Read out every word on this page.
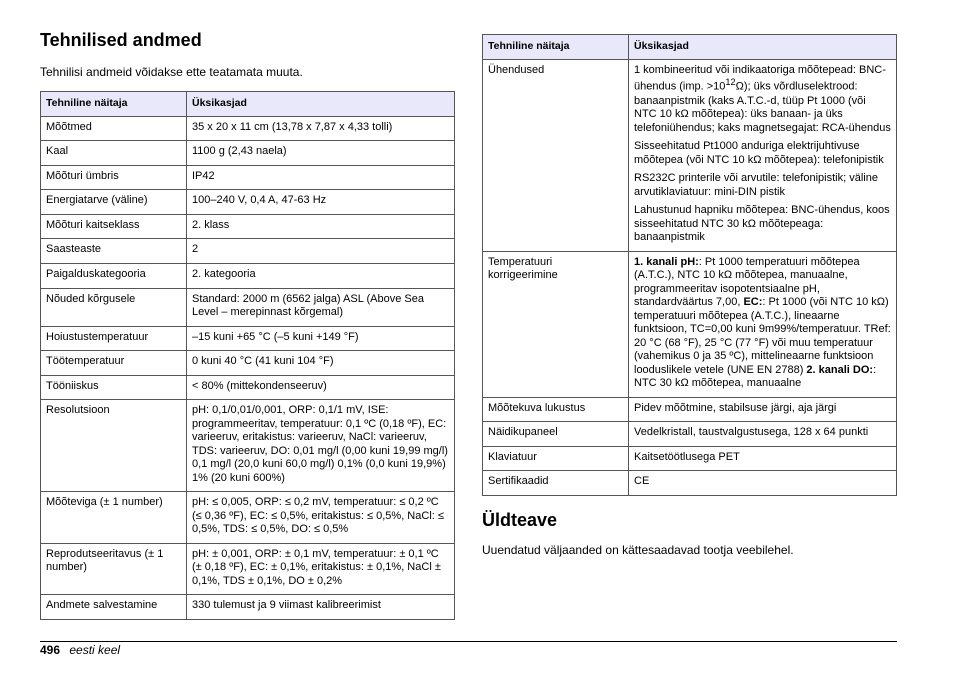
Tehnilised andmed
Tehnilisi andmeid võidakse ette teatamata muuta.
Tehniline näitaja	Üksikasjad
Mõõtmed	35 x 20 x 11 cm (13,78 x 7,87 x 4,33 tolli)
Kaal	1100 g (2,43 naela)
Mõõturi ümbris	IP42
Energiatarve (väline)	100–240 V, 0,4 A, 47-63 Hz
Mõõturi kaitseklass	2. klass
Saasteaste	2
Paigalduskategooria	2. kategooria
Nõuded kõrgusele	Standard: 2000 m (6562 jalga) ASL (Above Sea Level – merepinnast kõrgemal)
Hoiustustemperatuur	–15 kuni +65 °C (–5 kuni +149 °F)
Töötemperatuur	0 kuni 40 °C (41 kuni 104 °F)
Tööniiskus	< 80% (mittekondenseeruv)
Resolutsioon	pH: 0,1/0,01/0,001, ORP: 0,1/1 mV, ISE: programmeeritav, temperatuur: 0,1 ºC (0,18 ºF), EC: varieeruv, eritakistus: varieeruv, NaCl: varieeruv, TDS: varieeruv, DO: 0,01 mg/l (0,00 kuni 19,99 mg/l) 0,1 mg/l (20,0 kuni 60,0 mg/l) 0,1% (0,0 kuni 19,9%) 1% (20 kuni 600%)
Mõõteviga (± 1 number)	pH: ≤ 0,005, ORP: ≤ 0,2 mV, temperatuur: ≤ 0,2 ºC (≤ 0,36 ºF), EC: ≤ 0,5%, eritakistus: ≤ 0,5%, NaCl: ≤ 0,5%, TDS: ≤ 0,5%, DO: ≤ 0,5%
Reprodutseeritavus (± 1 number)	pH: ± 0,001, ORP: ± 0,1 mV, temperatuur: ± 0,1 ºC (± 0,18 ºF), EC: ± 0,1%, eritakistus: ± 0,1%, NaCl ± 0,1%, TDS ± 0,1%, DO ± 0,2%
Andmete salvestamine	330 tulemust ja 9 viimast kalibreerimist
Tehniline näitaja	Üksikasjad
Ühendused	1 kombineeritud või indikaatoriga mõõtepead: BNC-ühendus (imp. $>10^{12}\Omega$); üks võrdluselektrood: banaanpistmik (kaks A.T.C.-d, tüüp Pt 1000 (või NTC 10 kΩ mõõtepea): üks banaan- ja üks telefoniühendus; kaks magnetsegajat: RCA-ühendus

Sisseehitatud Pt1000 anduriga elektrijuhtivuse mõõtepea (või NTC 10 kΩ mõõtepea): telefonipistik

RS232C printerile või arvutile: telefonipistik; väline arvutiklaviatuur: mini-DIN pistik

Lahustunud hapniku mõõtepea: BNC-ühendus, koos sisseehitatud NTC 30 kΩ mõõtepeaga: banaanpistmik

Temperatuuri korrigeerimine	1. kanali pH:: Pt 1000 temperatuuri mõõtepea (A.T.C.), NTC 10 kΩ mõõtepea, manuaalne, programmeeritav isopotentsiaalne pH, standardväärtus 7,00, EC:: Pt 1000 (või NTC 10 kΩ) temperatuuri mõõtepea (A.T.C.), lineaarne funktsioon, TC=0,00 kuni 9m99%/temperatuur. TRef: 20 °C (68 °F), 25 °C (77 °F) või muu temperatuur (vahemikus 0 ja 35 ºC), mittelineaarne funktsioon looduslikele vetele (UNE EN 2788) 2. kanali DO:: NTC 30 kΩ mõõtepea, manuaalne
Mõõtekuva lukustus	Pidev mõõtmine, stabilsuse järgi, aja järgi
Näidikupaneel	Vedelkristall, taustvalgustusega, 128 x 64 punkti
Klaviatuur	Kaitsetöötlusega PET
Sertifikaadid	CE
Üldteave
Uuendatud väljaanded on kättesaadavad tootja veebilehel.
496 eesti keel
